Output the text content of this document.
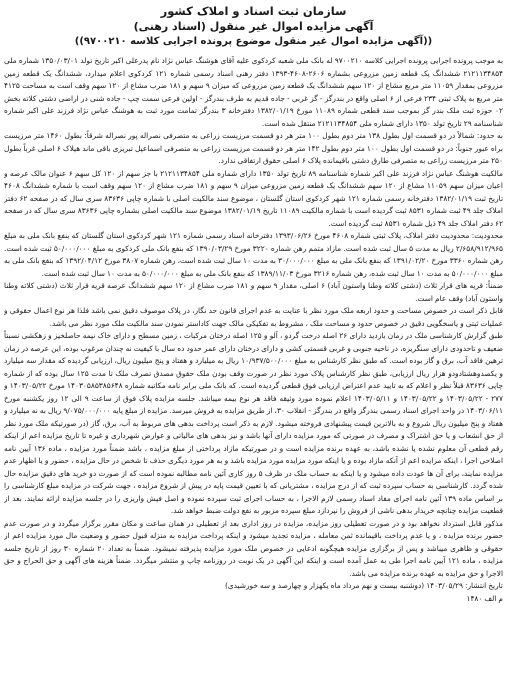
سازمان ثبت اسناد و املاک کشور
آگهی مزایده اموال غیر منقول (اسناد رهنی)
((آگهی مزایده اموال غیر منقول موضوع پرونده اجرایی کلاسه ۹۷۰۰۲۱۰))

به موجب پرونده اجرایی پرونده اجرایی کلاسه ۹۷۰۰۲۱۰ له بانک ملی شعبه کردکوی علیه آقای هوشنگ عباس نژاد نام پدرعلی اکبر تاریخ تولد ۱۳۵۰/۰۳/۰۱ شماره ملی ۲۱۲۱۱۳۴۸۵۴ ششدانگ یک قطعه زمین مزروعی بشماره ۲۶۰۶-۴۶۰۸-۱۳۹۳ دفتر رهنی اسناد رسمی شماره ۱۲۱ کردکوی اعلام میدارد، ششدانگ یک قطعه زمین مزروعی بمقدار ۱۱۰۵۹ متر مربع مشاع از ۱۲۰ سهم ششدانگ یک قطعه زمین مزروعی که میزان ۹ سهم و ۱۸۱ ضرب مشاع از ۱۲۰ سهم وقف است به مساحت ۴۱۲۵ متر مربع به پلاک ثبتی ۲۳۴ فرعی از ۶ اصلی واقع در بندرگز - گز غربی - جاده قدیم به طرف بندرگز - اولین فرعی سمت چپ - جاده شنی در اراضی دشتی کلاته بخش ۰۲ حوزه ثبت ملک بندر گز بموجب سند قطعی شماره ۱۱۰۸۹ مورخ ۱۳۸۲/۰۱/۱۹ دفترخانه ۳ بندرگز تمامت مورد ثبت به هوشنگ عباس نژاد فرزند علی اکبر شماره شناسنامه ۲۹ تاریخ تولد ۱۳۵۰ دارای شماره ملی ۲۱۲۱۱۳۴۸۵۴ منتقل شده است.

به حدود: شمالاً در دو قسمت اول بطول ۱۳۸ متر دوم بطول ۱۰۰ متر هر دو قسمت مرزیست زراعی به متصرفی نصراله پور نصراله شرقاً: بطول ۱۴۶۰ متر مرزیست براه عبور جنوباً: در دو قسمت اول بطول ۱۰۰ متر دوم بطول ۱۴۲ متر هر دو قسمت مرزیست زراعی به متصرفی اسماعیل تبریزی باقی ماند هیلاک ۶ اصلی غرباً بطول ۲۵۰ متر مرزیست زراعی به متصرفی طارق دشتی باقیمانده پلاک ۶ اصلی حقوق ارتفاقی ندارد.

مالکیت هوشنگ عباس نژاد فرزند علی اکبر شماره شناسنامه ۸۹ تاریخ تولد ۱۳۵۰ دارای شماره ملی ۲۱۲۱۱۳۴۸۵۴ با جز سهم از ۱۲۰ کل سهم ۶ عنوان مالک عرصه و اعیان میزان سهم ۱۱۰۵۹ مشاع از ۱۲۰ سهم ششدانگ یک قطعه زمین مزروعی میزان ۹ سهم و ۱۸۱ ضرب مشاع از ۱۲۰ سهم وقف است با شماره ششدانگ ۴۶۰۸ تاریخ ثبت ۱۳۸۲/۰۱/۱۹ دفترخانه رسمی شماره ۱۲۱ شهر کردکوی استان گلستان ، موضوع سند مالکیت اصلی با شماره چاپی ۸۳۶۳۶ سری سال که در صفحه ۶۲ دفتر املاک جلد ۴۹ ثبت شماره ۸۵۳۱ ثبت گردیده است با شماره مالکیت ۱۱۰۸۹ تاریخ ۱۳۸۲/۰۱/۱۹ موضوع سند مالکیت اصلی بشماره چاپی ۸۳۶۳۶ سری سال که در صفحه ۶۲ دفتر املاک جلد ۴۹ ذیل شماره ۸۵۳۱ ثبت گردیده است.

محدودیت: محدودیت دفتر املاک، پلاک ثبتی شماره ۴۶۰۸ مورخ ۱۳۹۳/۰۶/۲۶ دفترخانه اسناد رسمی شماره ۱۲۱ شهر کردکوی استان گلستان که بنفع بانک ملی به مبلغ ۲/۶۵۸/۹۱۲/۹۶۵ ریال به مدت ۵ سال ثبت شده است. مازاد متمم رهن شماره ۳۲۲۰ مورخ ۱۳۹۰/۰۳/۲۹ که بنفع بانک ملی کردکوی به مبلغ ۵۰/۰۰۰/۰۰۰ ثبت شده است. رهن شماره ۳۳۶۰ مورخ ۱۳۹۱/۰۲/۲۰ که بنفع بانک ملی به مبلغ ۳۰/۰۰۰/۰۰۰ به مدت ۱۰ سال ثبت شده است، رهن شماره ۳۸۰۷ مورخ ۱۳۹۲/۰۴/۱۲ که بنفع بانک ملی به مبلغ ۵۰/۰۰۰/۰۰۰ به مدت ۱۰ سال ثبت شده، رهن شماره ۳۲۱۶ مورخ ۱۳۸۹/۱۱/۰۳ که بنفع بانک ملی به مبلغ ۵۰/۰۰۰/۰۰۰ به مدت ۱۰ سال ثبت شده است.

ضمناً: قریه های قرار ثلاث (دشتی کلاته وطنا واستون آباد) ۶ اصلی، مقدار ۹ سهم و ۱۸۱ ضرب مشاع از ۱۲۰ سهم ششدانگ عرصه قریه قرار ثلاث (دشتی کلاته وطنا واستون آباد) وقف عام است.

قابل ذکر است در خصوص مساحت و حدود اربعه ملک مورد نظر با عنایت به عدم اجرای قانون حد نگار، در پلاک موصوف دقیق نمی باشد فلذا هر نوع اعمال حقوقی و عملیات ثبتی و یاسخگویی دقیق در خصوص حدود و مساحت ملک ، مشروط به تفکیکی مالک جهت کاداستر نمودن سند مالکیت ملک مورد نظر می باشد.

طبق گزارش کارشناسی ملک در زمان بازدید دارای ۲۶ اصله درخت گردو ، آلو و ۱۲۵ اصله درختان مرکبات ، زمین مسطح و دارای خاک نیمه حاصلخیز و زهکشی نسبتاً ضعیف و تاحدودی دارای سنگریزه، در ناحیه جنوبی و غربی قسمتی کشی و دارای درختان دارای عمر حدود ده سال با کیفیت نه چندان مرغوب بوده، این عرصه در زمان ترهین فاقد آب، برق و گاز بوده است. که طبق نظر کارشناس به مبلغ ۱۰/۹۳۷/۵۰۰/۰۰۰ ریال به میلیارد و هفتاد و پنج میلیون ریال، ارزیابی گردیده که مقدار سه میلیارد و یکصدوهشتادودو هزار ریال ارزیابی، طبق نظر کارشناس پلاک مورد نظر در صورت وقف بودن ملک حقوق مصدق تصرف ملک تا مدت ۱۲۵ سال بوده که از شماره چاپی ۸۳۶۳۶ قبلاً نظر و اعلام که به تایید عدم اعتراض ارزیابی فوق قطعی گردیده است. که بانک ملی برابر نامه مکاتبه شماره ۱۴۰۳۰۵۸۵۳۸۵۶۴۸ مورخ ۱۴۰۳/۰۵/۲۲ و ۲۷۷ - ۱۴۰۳/۰۵/۲۲ و ۱۴۰۳/۰۵/۲۲ و ۱۴۰۳/۰۵/۱۱ اعلام نموده مورد وثیقه فاقد هر نوع بیمه میباشد. جلسه مزایده پلاک فوق از ساعت ۹ الی ۱۲ روز یکشنبه مورخ ۱۴۰۳/۰۶/۱۱ در واحد اجرای اسناد رسمی بندرگز واقع در بندرگز - انقلاب ۳۰، از طریق مزایده به فروش میرسد. مزایده از مبلغ پایه ۹/۰۷۵/۰۰۰/۰۰۰ ریال به نه میلیارد و هفتاد و پنج میلیون ریال شروع و به بالاترین قیمت پیشنهادی فروخته میشود. لازم به ذکر است پرداخت بدهی های مربوط به آب، برق، گاز (در صورتیکه ملک مورد نظر از حق انشعاب و یا حق اشتراک و مصرف در صورتی که مورد مزایده دارای آنها باشد و نیز بدهی های مالیاتی و عوارض شهرداری و غیره تا تاریخ مزایده اعم از اینکه رقم قطعی آن معلوم نشده یا نشده باشد، به عهده برنده مزایده است و در صورتیکه مازاد پرداختی از مبلغ مزایده ، باشد ضمناً مورد مزایده ، ماده ۱۳۶ آیین نامه اصلاحی اجرا ، اینکه مزایده اعم از آنکه مازاد بوده و یا اینکه مورد مزایده مورد مزایده باشد و به هر مورد دیگری حذف تا شخص در حال مزایده ، حضور و یا اظهار عدم مزایده نمایند، برای آن ها عودت داده میشود و یا اینکه به حساب ملک در ظرف ۵ روز کاری آئین نامه مطالبه نموده است که از صورت دو خرید های دقیق مزایده حال شده گردد. کارشناسی به حساب سپرده ثبت که از درج مزایده ، مشتریانی که با تعیین قیمت پایه در پیش از شروع مزایده ، جهت شرکت در مزایده مبلغ کارشناسی را بر اساس ماده ۱۳۹ آئین نامه اجرای مفاد اسناد رسمی لازم الاجرا ، به حساب اجرای ثبت سپرده نموده و اصل فیش واریزی را در جلسه مزایده ارائه نمایند. بعد از قطعیت مزایده چنانچه خریدار بدهی ناشی از فروش را نپردازد مبلغ سپرده مزبور به نفع دولت ضبط خواهد شد.

مذکور قابل استرداد نخواهد بود و در صورت تعطیلی روز مزایده، مزایده در روز اداری بعد از تعطیلی در همان ساعت و مکان مقرر برگزار میگردد و در صورت عدم حضور برنده مزایده ، و یا عدم پرداخت باقیمانده ثمن معامله ، مزایده تجدید میشود و اینکه پرداخت مزایده به منزله قبول حضور و وضعیت مال مورد مزایده اعم از حقوقی و ظاهری میباشد و پس از برگزاری مزایده هیچگونه ادعایی در خصوص ملک مورد مزایده پذیرفته نمیشود. ضمناً به تعداد ۲۰ شماره ۳۰ روز از تاریخ جلسه مزایده ، ماده ۱۲۱ آیین نامه اجرا طی به عمل آمده است و اینکه این آگهی در یک نوبت در روزنامه چاپ و منتشر میگردد. ضمناً هزینه های آگهی و حق الحراج و حق الاجرا و حق مزایده به عهده برنده مزایده می باشد.

تاریخ انتشار: ۱۴۰۳/۰۵/۲۹ (دوشنبه بیست و نهم مرداد ماه یکهزار و چهارصد و سه خورشیدی)

م الف ۱۴۸۰
